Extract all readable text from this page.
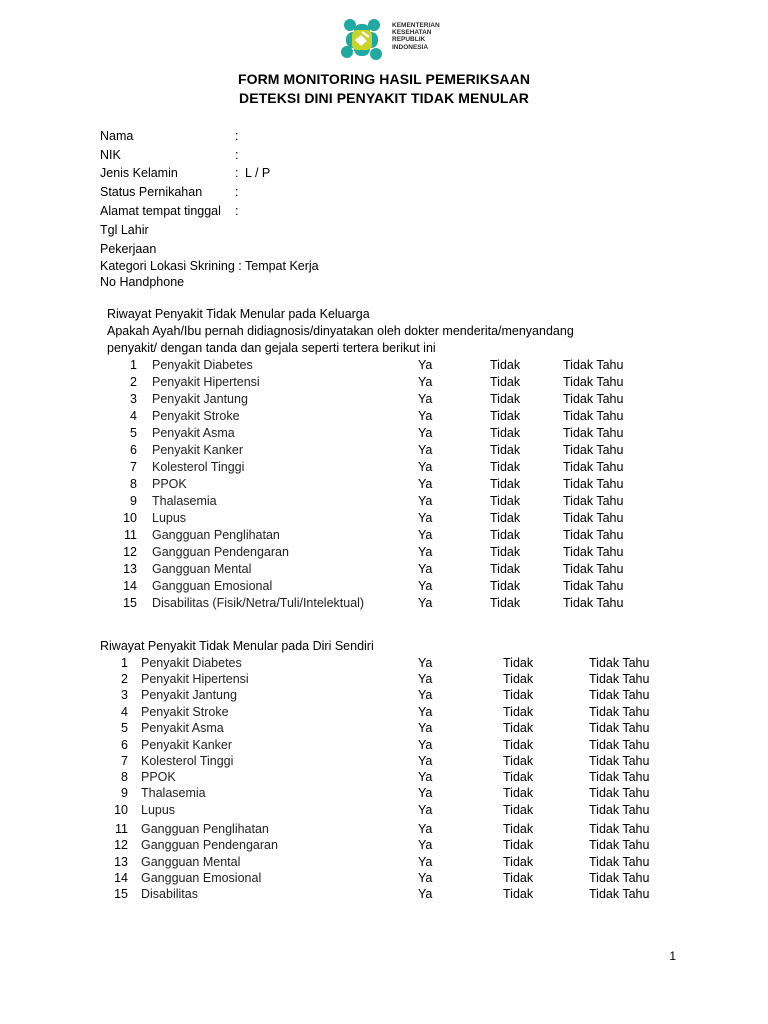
KEMENTERIAN
KESEHATAN
REPUBLIK
INDONESIA
FORM MONITORING HASIL PEMERIKSAAN
DETEKSI DINI PENYAKIT TIDAK MENULAR
Nama	:
NIK	:
Jenis Kelamin	: L / P
Status Pernikahan	:
Alamat tempat tinggal :
Tgl Lahir
Pekerjaan
Kategori Lokasi Skrining : Tempat Kerja
No Handphone
Riwayat Penyakit Tidak Menular pada Keluarga
Apakah Ayah/Ibu pernah didiagnosis/dinyatakan oleh dokter menderita/menyandang
penyakit/ dengan tanda dan gejala seperti tertera berikut ini
1 Penyakit Diabetes	Ya	Tidak	Tidak Tahu
2 Penyakit Hipertensi	Ya	Tidak	Tidak Tahu
3 Penyakit Jantung	Ya	Tidak	Tidak Tahu
4 Penyakit Stroke	Ya	Tidak	Tidak Tahu
5 Penyakit Asma	Ya	Tidak	Tidak Tahu
6 Penyakit Kanker	Ya	Tidak	Tidak Tahu
7 Kolesterol Tinggi	Ya	Tidak	Tidak Tahu
8 PPOK	Ya	Tidak	Tidak Tahu
9 Thalasemia	Ya	Tidak	Tidak Tahu
10 Lupus	Ya	Tidak	Tidak Tahu
11 Gangguan Penglihatan	Ya	Tidak	Tidak Tahu
12 Gangguan Pendengaran	Ya	Tidak	Tidak Tahu
13 Gangguan Mental	Ya	Tidak	Tidak Tahu
14 Gangguan Emosional	Ya	Tidak	Tidak Tahu
15 Disabilitas (Fisik/Netra/Tuli/Intelektual)	Ya	Tidak	Tidak Tahu
Riwayat Penyakit Tidak Menular pada Diri Sendiri
1 Penyakit Diabetes	Ya	Tidak	Tidak Tahu
2 Penyakit Hipertensi	Ya	Tidak	Tidak Tahu
3 Penyakit Jantung	Ya	Tidak	Tidak Tahu
4 Penyakit Stroke	Ya	Tidak	Tidak Tahu
5 Penyakit Asma	Ya	Tidak	Tidak Tahu
6 Penyakit Kanker	Ya	Tidak	Tidak Tahu
7 Kolesterol Tinggi	Ya	Tidak	Tidak Tahu
8 PPOK	Ya	Tidak	Tidak Tahu
9 Thalasemia	Ya	Tidak	Tidak Tahu
10 Lupus	Ya	Tidak	Tidak Tahu
11 Gangguan Penglihatan	Ya	Tidak	Tidak Tahu
12 Gangguan Pendengaran	Ya	Tidak	Tidak Tahu
13 Gangguan Mental	Ya	Tidak	Tidak Tahu
14 Gangguan Emosional	Ya	Tidak	Tidak Tahu
15 Disabilitas	Ya	Tidak	Tidak Tahu
1
